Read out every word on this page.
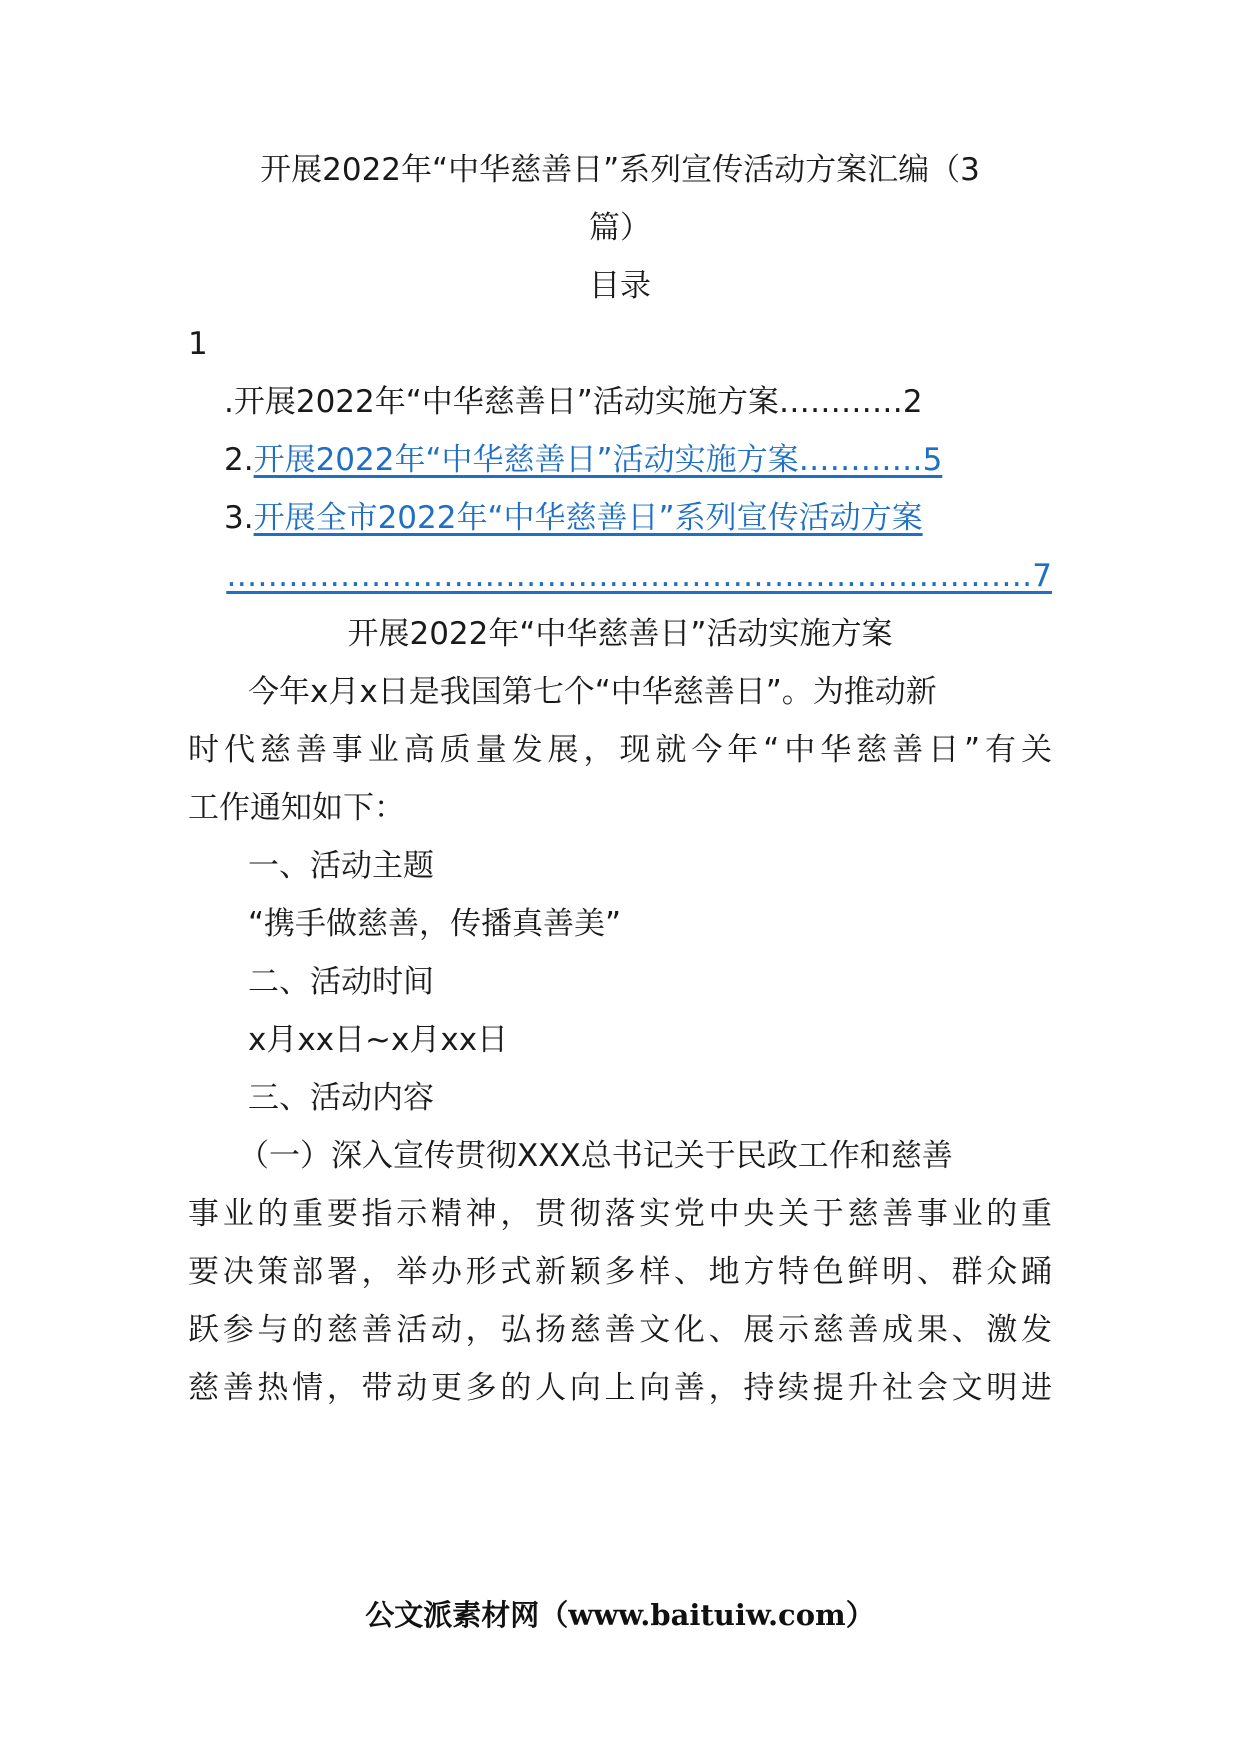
开展2022年“中华慈善日”系列宣传活动方案汇编（3
篇）
目录
1
.开展2022年“中华慈善日”活动实施方案…………2
2.开展2022年“中华慈善日”活动实施方案…………5
3.开展全市2022年“中华慈善日”系列宣传活动方案
……………………………………………………………………7
开展2022年“中华慈善日”活动实施方案
今年x月x日是我国第七个“中华慈善日”。为推动新
时代慈善事业高质量发展，现就今年“中华慈善日”有关
工作通知如下：
一、活动主题
“携手做慈善，传播真善美”
二、活动时间
x月xx日~x月xx日
三、活动内容
（一）深入宣传贯彻XXX总书记关于民政工作和慈善
事业的重要指示精神，贯彻落实党中央关于慈善事业的重
要决策部署，举办形式新颖多样、地方特色鲜明、群众踊
跃参与的慈善活动，弘扬慈善文化、展示慈善成果、激发
慈善热情，带动更多的人向上向善，持续提升社会文明进
公文派素材网（www.baituiw.com）
